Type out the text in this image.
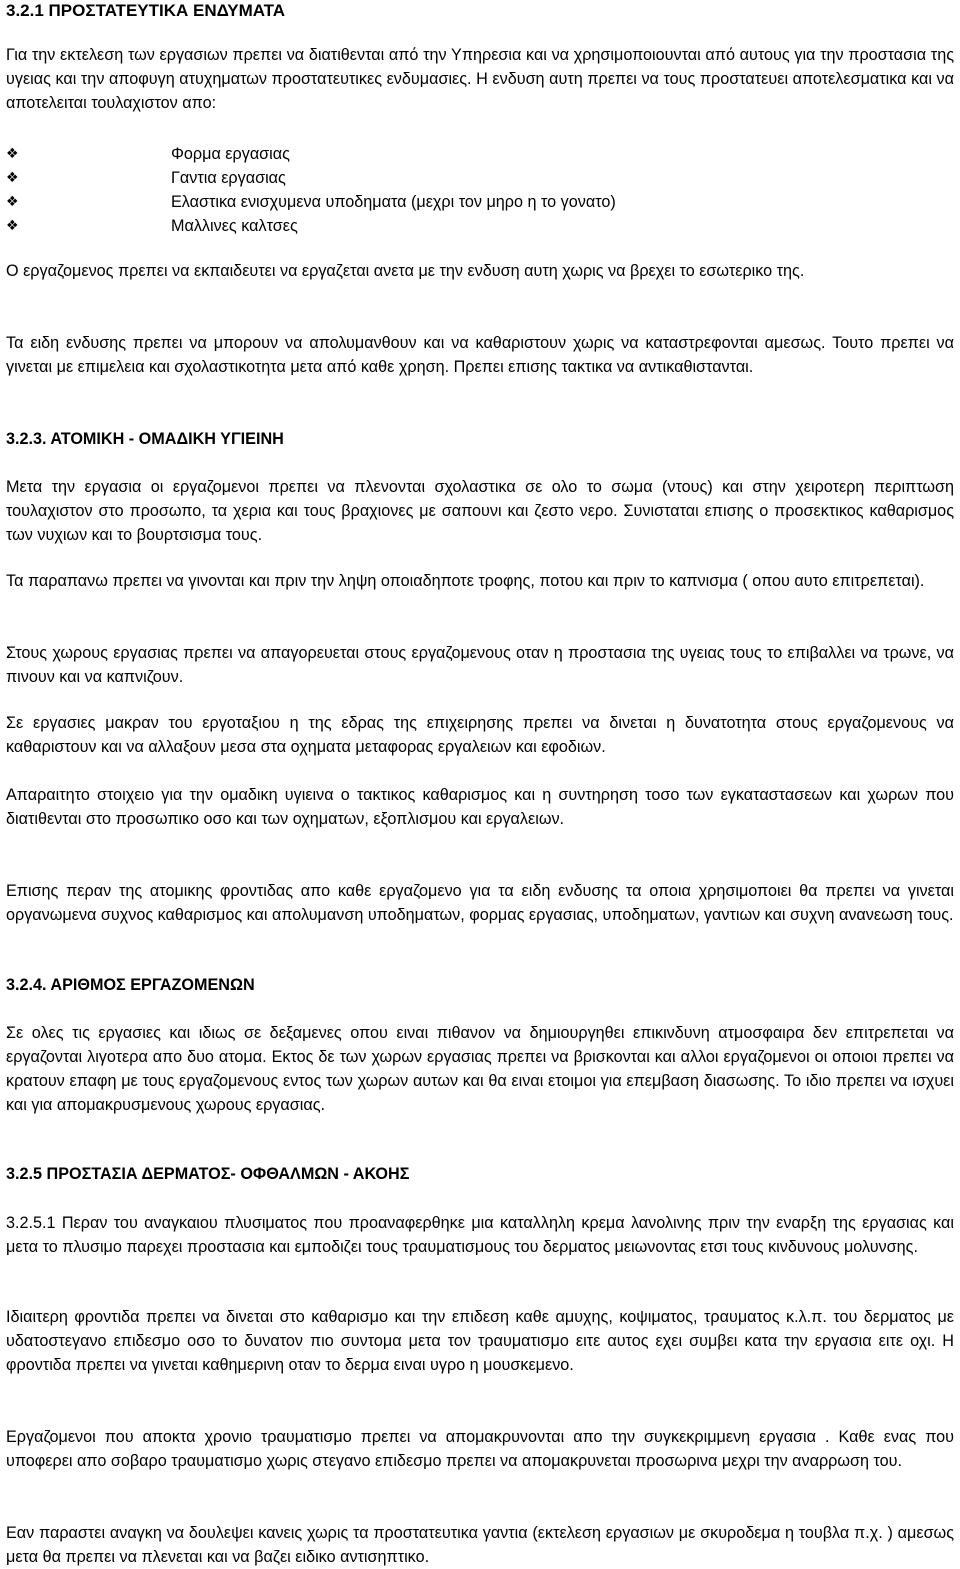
3.2.1 ΠΡΟΣΤΑΤΕΥΤΙΚΑ ΕΝΔΥΜΑΤΑ

Για την εκτελεση των εργασιων πρεπει να διατιθενται από την Υπηρεσια και να χρησιμοποιουνται από αυτους για την προστασια της υγειας και την αποφυγη ατυχηματων προστατευτικες ενδυμασιες. Η ενδυση αυτη πρεπει να τους προστατευει αποτελεσματικα και να αποτελειται τουλαχιστον απο:

❖	Φορμα εργασιας
❖	Γαντια εργασιας
❖	Ελαστικα ενισχυμενα υποδηματα (μεχρι τον μηρο η το γονατο)
❖	Μαλλινες καλτσες

Ο εργαζομενος πρεπει να εκπαιδευτει να εργαζεται ανετα με την ενδυση αυτη χωρις να βρεχει το εσωτερικο της.

Τα ειδη ενδυσης πρεπει να μπορουν να απολυμανθουν και να καθαριστουν χωρις να καταστρεφονται αμεσως. Τουτο πρεπει να γινεται με επιμελεια και σχολαστικοτητα μετα από καθε χρηση. Πρεπει επισης τακτικα να αντικαθιστανται.

3.2.3. ΑΤΟΜΙΚΗ - ΟΜΑΔΙΚΗ ΥΓΙΕΙΝΗ

Μετα την εργασια οι εργαζομενοι πρεπει να πλενονται σχολαστικα σε ολο το σωμα (ντους) και στην χειροτερη περιπτωση τουλαχιστον στο προσωπο, τα χερια και τους βραχιονες με σαπουνι και ζεστο νερο. Συνισταται επισης ο προσεκτικος καθαρισμος των νυχιων και το βουρτσισμα τους.

Τα παραπανω πρεπει να γινονται και πριν την ληψη οποιαδηποτε τροφης, ποτου και πριν το καπνισμα ( οπου αυτο επιτρεπεται).

Στους χωρους εργασιας πρεπει να απαγορευεται στους εργαζομενους οταν η προστασια της υγειας τους το επιβαλλει να τρωνε, να πινουν και να καπνιζουν.

Σε εργασιες μακραν του εργοταξιου η της εδρας της επιχειρησης πρεπει να δινεται η δυνατοτητα στους εργαζομενους να καθαριστουν και να αλλαξουν μεσα στα οχηματα μεταφορας εργαλειων και εφοδιων.

Απαραιτητο στοιχειο για την ομαδικη υγιεινα ο τακτικος καθαρισμος και η συντηρηση τοσο των εγκαταστασεων και χωρων που διατιθενται στο προσωπικο οσο και των οχηματων, εξοπλισμου και εργαλειων.

Επισης περαν της ατομικης φροντιδας απο καθε εργαζομενο για τα ειδη ενδυσης τα οποια χρησιμοποιει θα πρεπει να γινεται οργανωμενα συχνος καθαρισμος και απολυμανση υποδηματων, φορμας εργασιας, υποδηματων, γαντιων και συχνη ανανεωση τους.

3.2.4. ΑΡΙΘΜΟΣ ΕΡΓΑΖΟΜΕΝΩΝ

Σε ολες τις εργασιες και ιδιως σε δεξαμενες οπου ειναι πιθανον να δημιουργηθει επικινδυνη ατμοσφαιρα δεν επιτρεπεται να εργαζονται λιγοτερα απο δυο ατομα. Εκτος δε των χωρων εργασιας πρεπει να βρισκονται και αλλοι εργαζομενοι οι οποιοι πρεπει να κρατουν επαφη με τους εργαζομενους εντος των χωρων αυτων και θα ειναι ετοιμοι για επεμβαση διασωσης. Το ιδιο πρεπει να ισχυει και για απομακρυσμενους χωρους εργασιας.

3.2.5 ΠΡΟΣΤΑΣΙΑ ΔΕΡΜΑΤΟΣ- ΟΦΘΑΛΜΩΝ - ΑΚΟΗΣ

3.2.5.1 Περαν του αναγκαιου πλυσιματος που προαναφερθηκε μια καταλληλη κρεμα λανολινης πριν την εναρξη της εργασιας και μετα το πλυσιμο παρεχει προστασια και εμποδιζει τους τραυματισμους του δερματος μειωνοντας ετσι τους κινδυνους μολυνσης.

Ιδιαιτερη φροντιδα πρεπει να δινεται στο καθαρισμο και την επιδεση καθε αμυχης, κοψιματος, τραυματος κ.λ.π. του δερματος με υδατοστεγανο επιδεσμο οσο το δυνατον πιο συντομα μετα τον τραυματισμο ειτε αυτος εχει συμβει κατα την εργασια ειτε οχι. Η φροντιδα πρεπει να γινεται καθημερινη οταν το δερμα ειναι υγρο η μουσκεμενο.

Εργαζομενοι που αποκτα χρονιο τραυματισμο πρεπει να απομακρυνονται απο την συγκεκριμμενη εργασια . Καθε ενας που υποφερει απο σοβαρο τραυματισμο χωρις στεγανο επιδεσμο πρεπει να απομακρυνεται προσωρινα μεχρι την αναρρωση του.

Εαν παραστει αναγκη να δουλεψει κανεις χωρις τα προστατευτικα γαντια (εκτελεση εργασιων με σκυροδεμα η τουβλα π.χ. ) αμεσως μετα θα πρεπει να πλενεται και να βαζει ειδικο αντισηπτικο.
